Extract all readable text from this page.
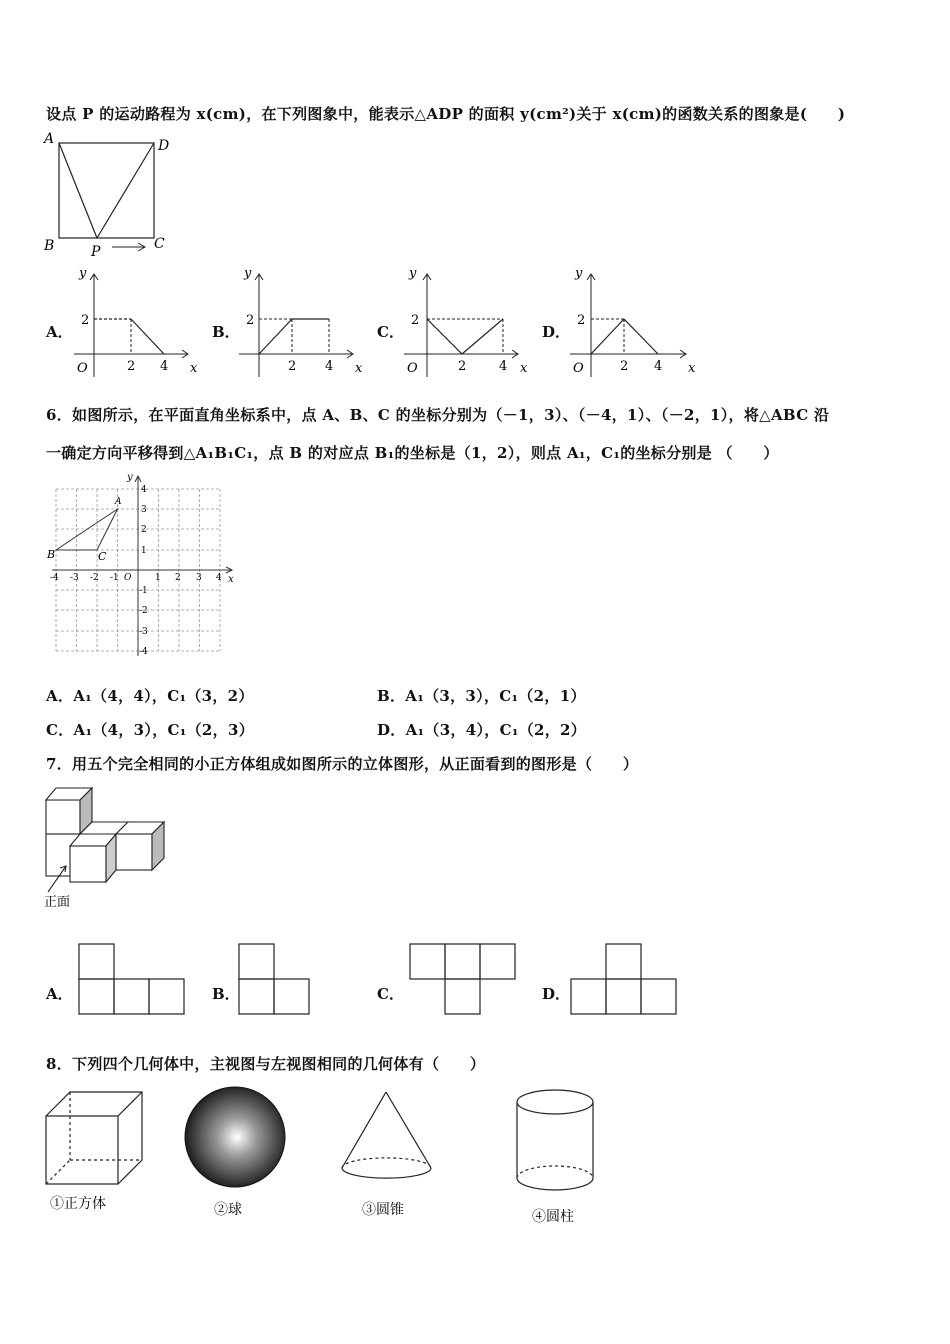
设点 P 的运动路程为 x(cm)，在下列图象中，能表示△ADP 的面积 y(cm²)关于 x(cm)的函数关系的图象是(　　)
A	D
B	C
P
A．
y
x
O
2
2 4
B．
y
x
2
2 4
C．
y
x
O
2
2	4
D．
y
x
O
2
2 4
6．如图所示，在平面直角坐标系中，点 A、B、C 的坐标分别为（－1，3）、（－4，1）、（－2，1），将△ABC 沿
一确定方向平移得到△A₁B₁C₁，点 B 的对应点 B₁的坐标是（1，2），则点 A₁，C₁的坐标分别是 （　　）
y
x
B	C
A
-4 -3 -2 -1 O	1 2 3 4
4
3
2
1
-1
-2
-3
-4
A．A₁（4，4），C₁（3，2）	B．A₁（3，3），C₁（2，1）
C．A₁（4，3），C₁（2，3）	D．A₁（3，4），C₁（2，2）
7．用五个完全相同的小正方体组成如图所示的立体图形，从正面看到的图形是（　　）
正面
A．	B．	C．	D．
8．下列四个几何体中，主视图与左视图相同的几何体有（　　）
①正方体	②球	③圆锥	④圆柱
